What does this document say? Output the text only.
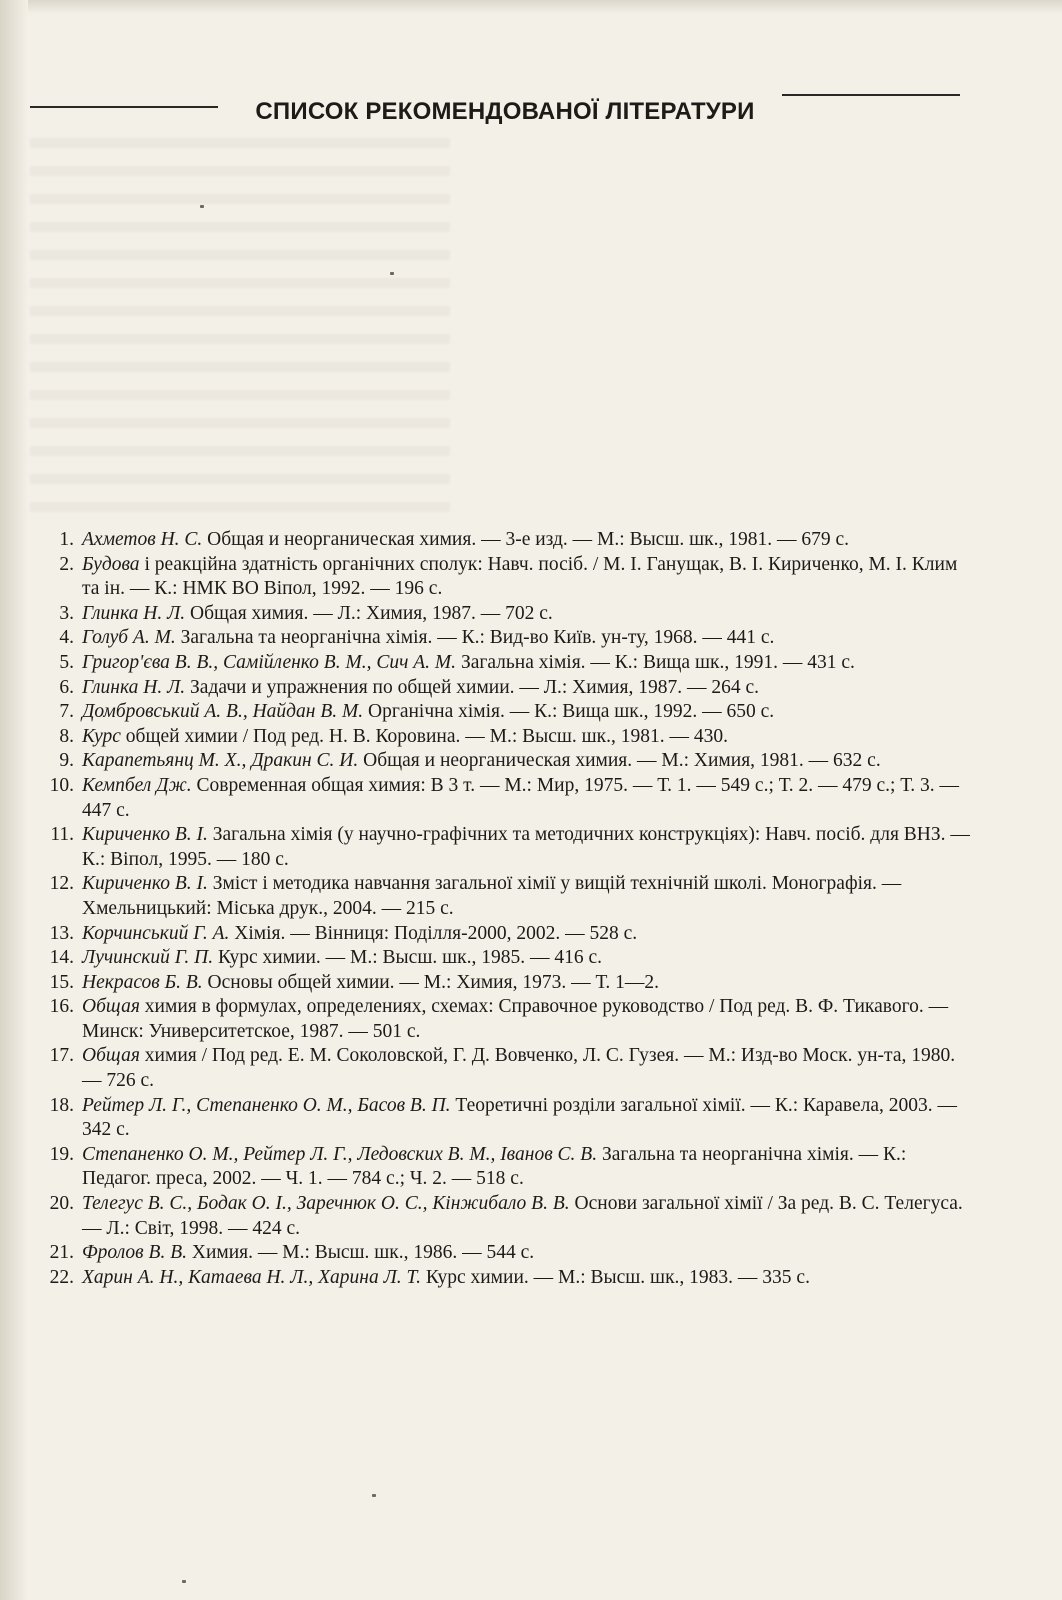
СПИСОК РЕКОМЕНДОВАНОЇ ЛІТЕРАТУРИ
1. Ахметов Н. С. Общая и неорганическая химия. — 3-е изд. — М.: Высш. шк., 1981. — 679 с.
2. Будова і реакційна здатність органічних сполук: Навч. посіб. / М. І. Ганущак, В. І. Кириченко, М. І. Клим та ін. — К.: НМК ВО Віпол, 1992. — 196 с.
3. Глинка Н. Л. Общая химия. — Л.: Химия, 1987. — 702 с.
4. Голуб А. М. Загальна та неорганічна хімія. — К.: Вид-во Київ. ун-ту, 1968. — 441 с.
5. Григор'єва В. В., Самійленко В. М., Сич А. М. Загальна хімія. — К.: Вища шк., 1991. — 431 с.
6. Глинка Н. Л. Задачи и упражнения по общей химии. — Л.: Химия, 1987. — 264 с.
7. Домбровський А. В., Найдан В. М. Органічна хімія. — К.: Вища шк., 1992. — 650 с.
8. Курс общей химии / Под ред. Н. В. Коровина. — М.: Высш. шк., 1981. — 430.
9. Карапетьянц М. Х., Дракин С. И. Общая и неорганическая химия. — М.: Химия, 1981. — 632 с.
10. Кемпбел Дж. Современная общая химия: В 3 т. — М.: Мир, 1975. — Т. 1. — 549 с.; Т. 2. — 479 с.; Т. 3. — 447 с.
11. Кириченко В. І. Загальна хімія (у научно-графічних та методичних конструкціях): Навч. посіб. для ВНЗ. — К.: Віпол, 1995. — 180 с.
12. Кириченко В. І. Зміст і методика навчання загальної хімії у вищій технічній школі. Монографія. — Хмельницький: Міська друк., 2004. — 215 с.
13. Корчинський Г. А. Хімія. — Вінниця: Поділля-2000, 2002. — 528 с.
14. Лучинский Г. П. Курс химии. — М.: Высш. шк., 1985. — 416 с.
15. Некрасов Б. В. Основы общей химии. — М.: Химия, 1973. — Т. 1—2.
16. Общая химия в формулах, определениях, схемах: Справочное руководство / Под ред. В. Ф. Тикавого. — Минск: Университетское, 1987. — 501 с.
17. Общая химия / Под ред. Е. М. Соколовской, Г. Д. Вовченко, Л. С. Гузея. — М.: Изд-во Моск. ун-та, 1980. — 726 с.
18. Рейтер Л. Г., Степаненко О. М., Басов В. П. Теоретичні розділи загальної хімії. — К.: Каравела, 2003. — 342 с.
19. Степаненко О. М., Рейтер Л. Г., Ледовских В. М., Іванов С. В. Загальна та неорганічна хімія. — К.: Педагог. преса, 2002. — Ч. 1. — 784 с.; Ч. 2. — 518 с.
20. Телегус В. С., Бодак О. І., Заречнюк О. С., Кінжибало В. В. Основи загальної хімії / За ред. В. С. Телегуса. — Л.: Світ, 1998. — 424 с.
21. Фролов В. В. Химия. — М.: Высш. шк., 1986. — 544 с.
22. Харин А. Н., Катаева Н. Л., Харина Л. Т. Курс химии. — М.: Высш. шк., 1983. — 335 с.
